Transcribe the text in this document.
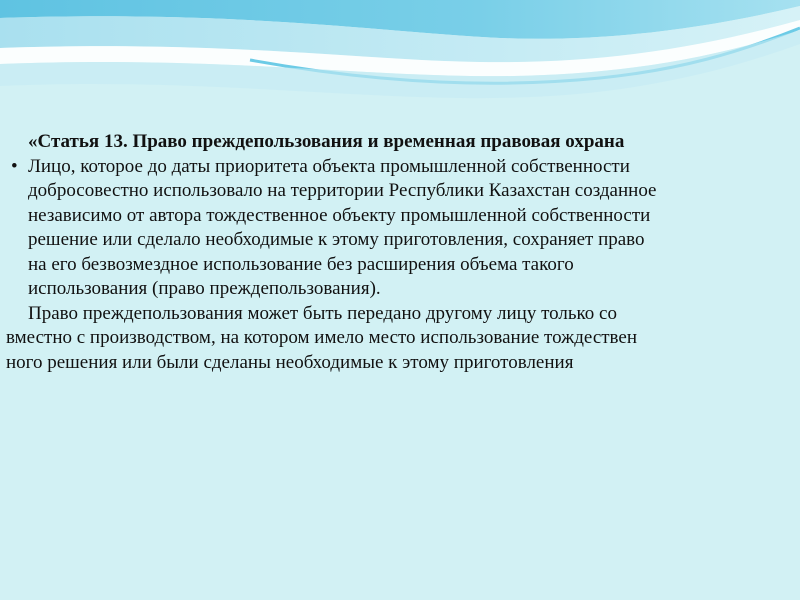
«Статья 13. Право преждепользования и временная правовая охрана
• Лицо, которое до даты приоритета объекта промышленной собственности
добросовестно использовало на территории Республики Казахстан созданное
независимо от автора тождественное объекту промышленной собственности
решение или сделало необходимые к этому приготовления, сохраняет право
на его безвозмездное использование без расширения объема такого
использования (право преждепользования).
Право преждепользования может быть передано другому лицу только со
вместно с производством, на котором имело место использование тождествен
ного решения или были сделаны необходимые к этому приготовления
